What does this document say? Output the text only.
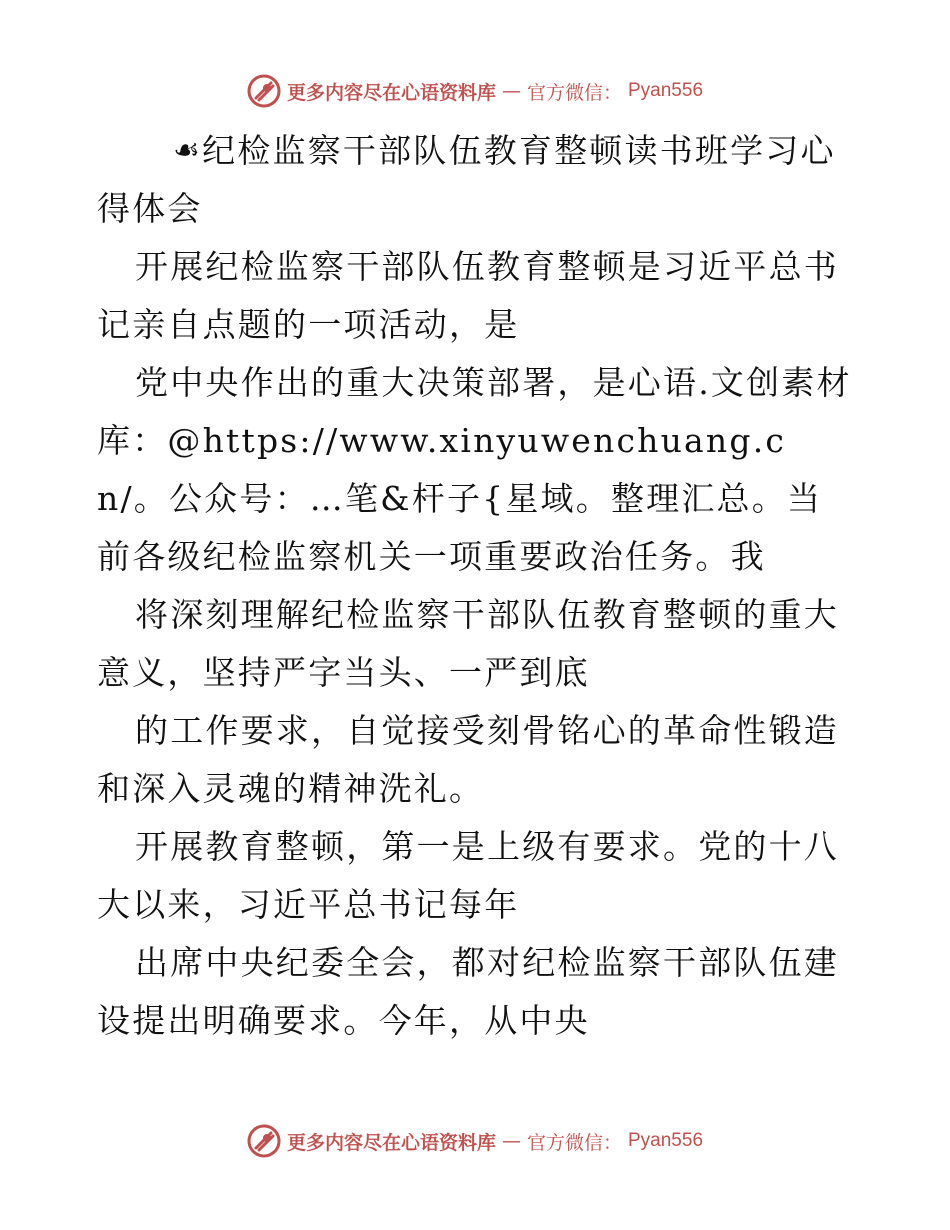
更多内容尽在心语资料库 — 官方微信： Pyan556

☙纪检监察干部队伍教育整顿读书班学习心得体会

开展纪检监察干部队伍教育整顿是习近平总书记亲自点题的一项活动，是

党中央作出的重大决策部署，是心语.文创素材库：@https://www.xinyuwenchuang.cn/。公众号：…笔&杆子{星域。整理汇总。当前各级纪检监察机关一项重要政治任务。我

将深刻理解纪检监察干部队伍教育整顿的重大意义，坚持严字当头、一严到底

的工作要求，自觉接受刻骨铭心的革命性锻造和深入灵魂的精神洗礼。

开展教育整顿，第一是上级有要求。党的十八大以来，习近平总书记每年

出席中央纪委全会，都对纪检监察干部队伍建设提出明确要求。今年，从中央

更多内容尽在心语资料库 — 官方微信： Pyan556
